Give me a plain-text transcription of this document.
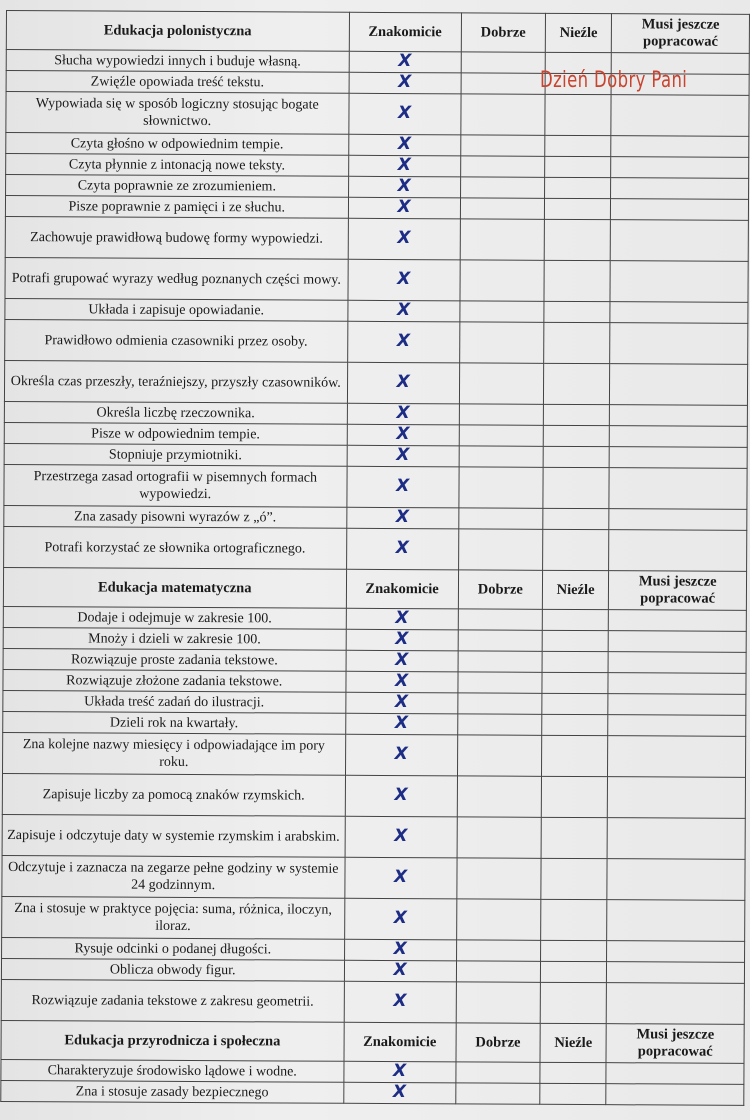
Edukacja polonistyczna	Znakomicie	Dobrze	Nieźle	Musi jeszcze popracować
Słucha wypowiedzi innych i buduje własną.	X			
Zwięźle opowiada treść tekstu.	X			
Wypowiada się w sposób logiczny stosując bogate słownictwo.	X			
Czyta głośno w odpowiednim tempie.	X			
Czyta płynnie z intonacją nowe teksty.	X			
Czyta poprawnie ze zrozumieniem.	X			
Pisze poprawnie z pamięci i ze słuchu.	X			
Zachowuje prawidłową budowę formy wypowiedzi.	X			
Potrafi grupować wyrazy według poznanych części mowy.	X			
Układa i zapisuje opowiadanie.	X			
Prawidłowo odmienia czasowniki przez osoby.	X			
Określa czas przeszły, teraźniejszy, przyszły czasowników.	X			
Określa liczbę rzeczownika.	X			
Pisze w odpowiednim tempie.	X			
Stopniuje przymiotniki.	X			
Przestrzega zasad ortografii w pisemnych formach wypowiedzi.	X			
Zna zasady pisowni wyrazów z „ó”.	X			
Potrafi korzystać ze słownika ortograficznego.	X			
Edukacja matematyczna	Znakomicie	Dobrze	Nieźle	Musi jeszcze popracować
Dodaje i odejmuje w zakresie 100.	X			
Mnoży i dzieli w zakresie 100.	X			
Rozwiązuje proste zadania tekstowe.	X			
Rozwiązuje złożone zadania tekstowe.	X			
Układa treść zadań do ilustracji.	X			
Dzieli rok na kwartały.	X			
Zna kolejne nazwy miesięcy i odpowiadające im pory roku.	X			
Zapisuje liczby za pomocą znaków rzymskich.	X			
Zapisuje i odczytuje daty w systemie rzymskim i arabskim.	X			
Odczytuje i zaznacza na zegarze pełne godziny w systemie 24 godzinnym.	X			
Zna i stosuje w praktyce pojęcia: suma, różnica, iloczyn, iloraz.	X			
Rysuje odcinki o podanej długości.	X			
Oblicza obwody figur.	X			
Rozwiązuje zadania tekstowe z zakresu geometrii.	X			
Edukacja przyrodnicza i społeczna	Znakomicie	Dobrze	Nieźle	Musi jeszcze popracować
Charakteryzuje środowisko lądowe i wodne.	X			
Zna i stosuje zasady bezpiecznego	X			
Dzień Dobry Pani
